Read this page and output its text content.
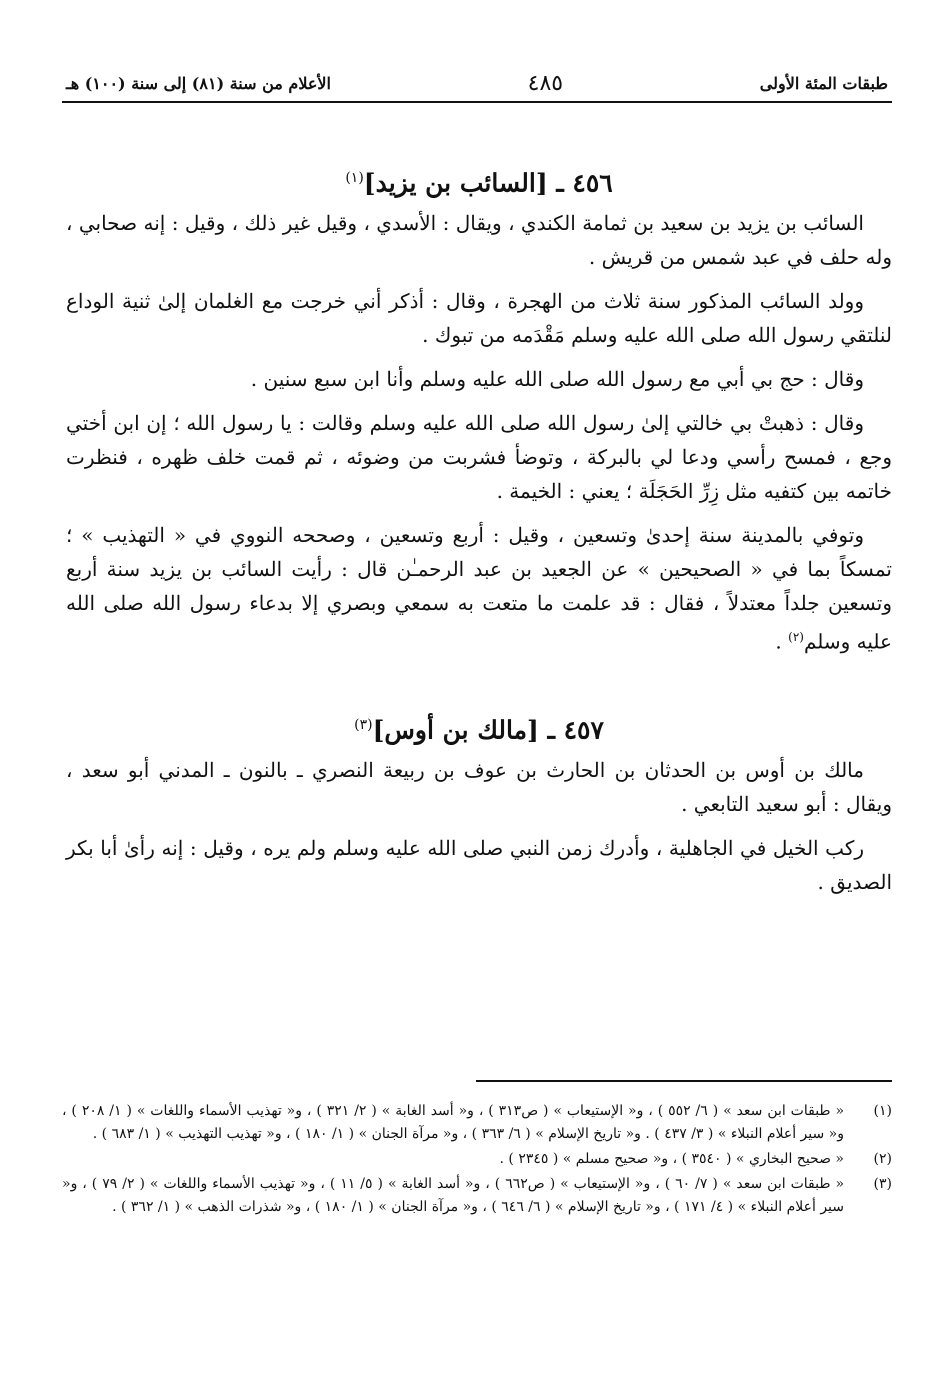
طبقات المئة الأولى
٤٨٥
الأعلام من سنة (٨١) إلى سنة (١٠٠) هـ
٤٥٦ ـ [السائب بن يزيد]$^{(١)}$

السائب بن يزيد بن سعيد بن ثمامة الكندي ، ويقال : الأسدي ، وقيل غير ذلك ، وقيل : إنه صحابي ، وله حلف في عبد شمس من قريش .

وولد السائب المذكور سنة ثلاث من الهجرة ، وقال : أذكر أني خرجت مع الغلمان إلىٰ ثنية الوداع لنلتقي رسول الله صلى الله عليه وسلم مَقْدَمه من تبوك .

وقال : حج بي أبي مع رسول الله صلى الله عليه وسلم وأنا ابن سبع سنين .

وقال : ذهبتْ بي خالتي إلىٰ رسول الله صلى الله عليه وسلم وقالت : يا رسول الله ؛ إن ابن أختي وجع ، فمسح رأسي ودعا لي بالبركة ، وتوضأ فشربت من وضوئه ، ثم قمت خلف ظهره ، فنظرت خاتمه بين كتفيه مثل زِرِّ الحَجَلَة ؛ يعني : الخيمة .

وتوفي بالمدينة سنة إحدىٰ وتسعين ، وقيل : أربع وتسعين ، وصححه النووي في « التهذيب » ؛ تمسكاً بما في « الصحيحين » عن الجعيد بن عبد الرحمـٰن قال : رأيت السائب بن يزيد سنة أربع وتسعين جلداً معتدلاً ، فقال : قد علمت ما متعت به سمعي وبصري إلا بدعاء رسول الله صلى الله عليه وسلم$^{(٢)}$ .

٤٥٧ ـ [مالك بن أوس]$^{(٣)}$

مالك بن أوس بن الحدثان بن الحارث بن عوف بن ربيعة النصري ـ بالنون ـ المدني أبو سعد ، ويقال : أبو سعيد التابعي .

ركب الخيل في الجاهلية ، وأدرك زمن النبي صلى الله عليه وسلم ولم يره ، وقيل : إنه رأىٰ أبا بكر الصديق .

(١)
« طبقات ابن سعد » ( ٦/ ٥٥٢ ) ، و« الإستيعاب » ( ص٣١٣ ) ، و« أسد الغابة » ( ٢/ ٣٢١ ) ، و« تهذيب الأسماء واللغات » ( ١/ ٢٠٨ ) ، و« سير أعلام النبلاء » ( ٣/ ٤٣٧ ) . و« تاريخ الإسلام » ( ٦/ ٣٦٣ ) ، و« مرآة الجنان » ( ١/ ١٨٠ ) ، و« تهذيب التهذيب » ( ١/ ٦٨٣ ) .
(٢)
« صحيح البخاري » ( ٣٥٤٠ ) ، و« صحيح مسلم » ( ٢٣٤٥ ) .
(٣)
« طبقات ابن سعد » ( ٧/ ٦٠ ) ، و« الإستيعاب » ( ص٦٦٢ ) ، و« أسد الغابة » ( ٥/ ١١ ) ، و« تهذيب الأسماء واللغات » ( ٢/ ٧٩ ) ، و« سير أعلام النبلاء » ( ٤/ ١٧١ ) ، و« تاريخ الإسلام » ( ٦/ ٦٤٦ ) ، و« مرآة الجنان » ( ١/ ١٨٠ ) ، و« شذرات الذهب » ( ١/ ٣٦٢ ) .
